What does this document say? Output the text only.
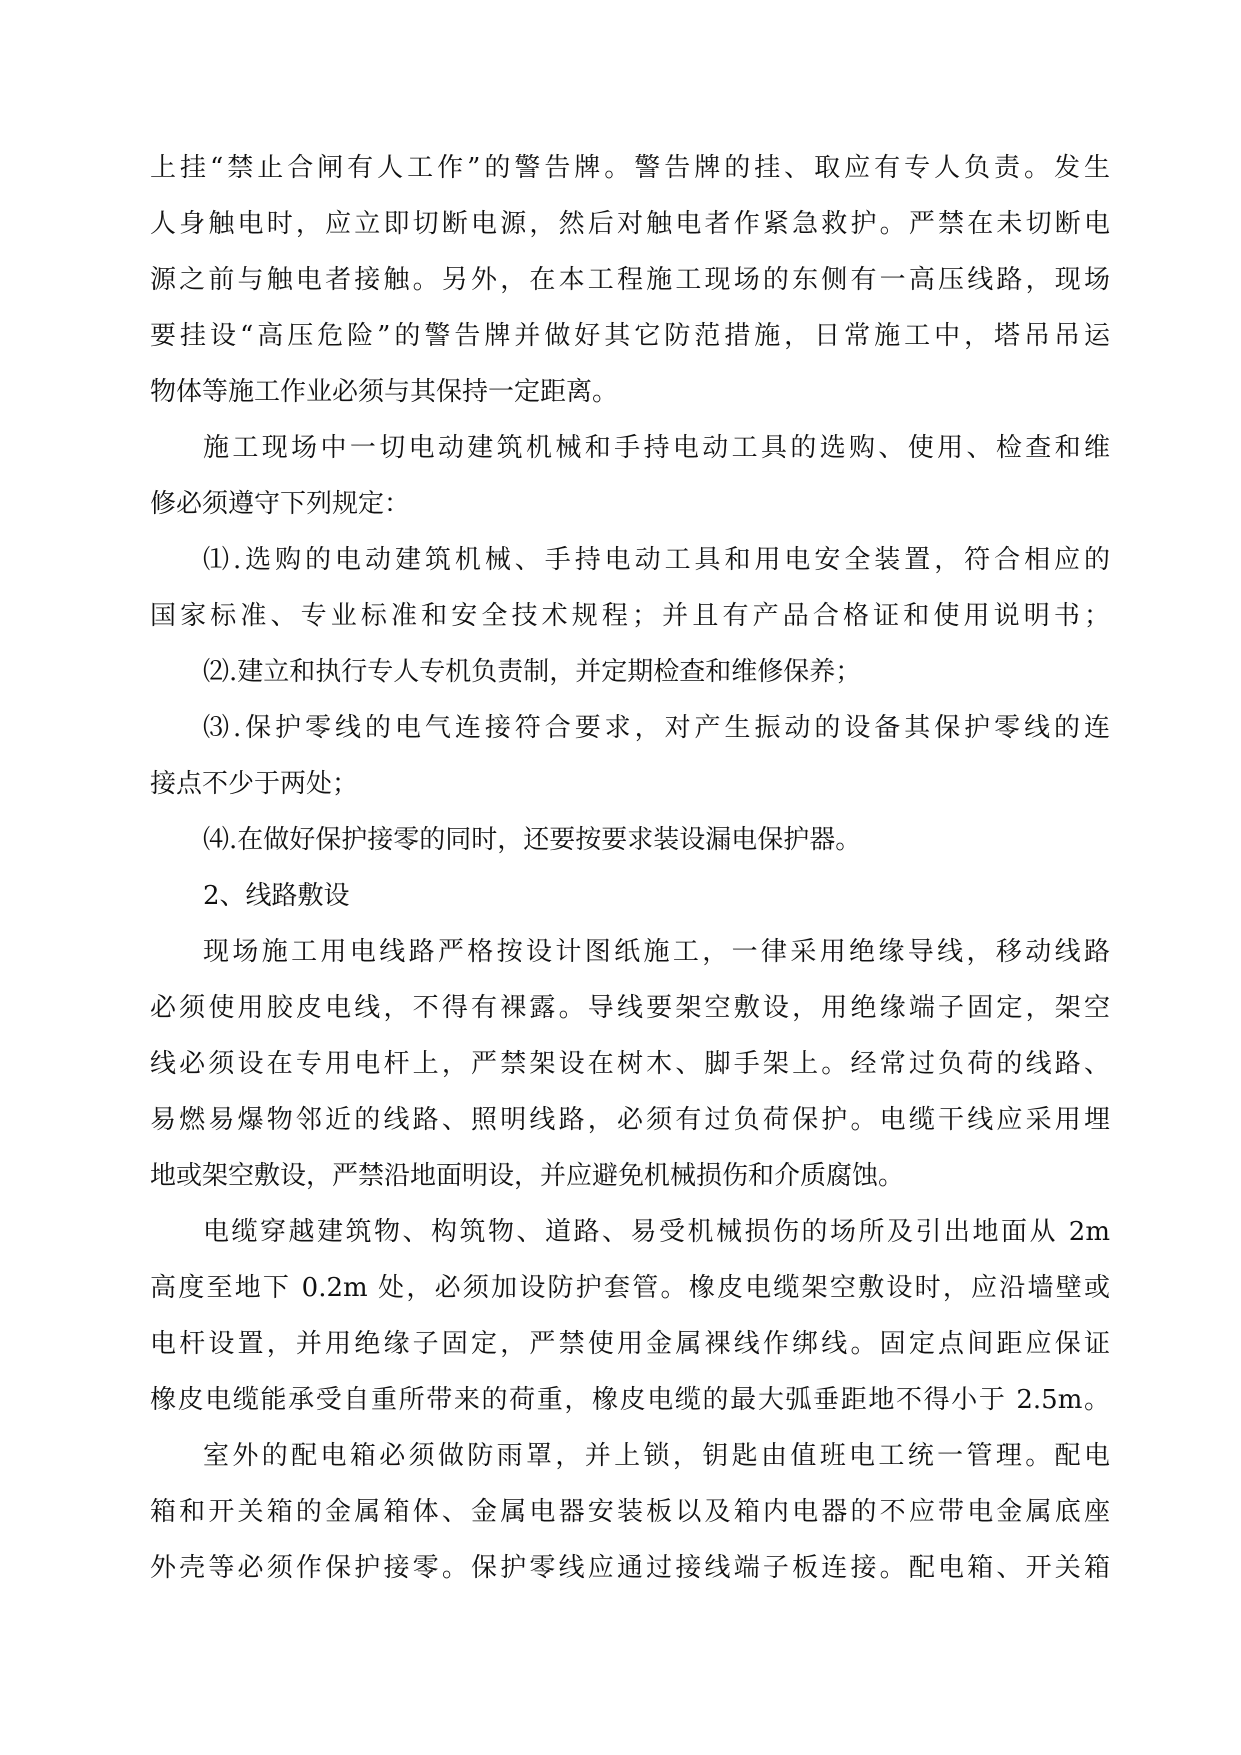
上挂“禁止合闸有人工作”的警告牌。警告牌的挂、取应有专人负责。发生
人身触电时，应立即切断电源，然后对触电者作紧急救护。严禁在未切断电
源之前与触电者接触。另外，在本工程施工现场的东侧有一高压线路，现场
要挂设“高压危险”的警告牌并做好其它防范措施，日常施工中，塔吊吊运
物体等施工作业必须与其保持一定距离。
施工现场中一切电动建筑机械和手持电动工具的选购、使用、检查和维
修必须遵守下列规定：
⑴.选购的电动建筑机械、手持电动工具和用电安全装置，符合相应的
国家标准、专业标准和安全技术规程；并且有产品合格证和使用说明书；
⑵.建立和执行专人专机负责制，并定期检查和维修保养；
⑶.保护零线的电气连接符合要求，对产生振动的设备其保护零线的连
接点不少于两处；
⑷.在做好保护接零的同时，还要按要求装设漏电保护器。
2、线路敷设
现场施工用电线路严格按设计图纸施工，一律采用绝缘导线，移动线路
必须使用胶皮电线，不得有裸露。导线要架空敷设，用绝缘端子固定，架空
线必须设在专用电杆上，严禁架设在树木、脚手架上。经常过负荷的线路、
易燃易爆物邻近的线路、照明线路，必须有过负荷保护。电缆干线应采用埋
地或架空敷设，严禁沿地面明设，并应避免机械损伤和介质腐蚀。
电缆穿越建筑物、构筑物、道路、易受机械损伤的场所及引出地面从 2m
高度至地下 0.2m 处，必须加设防护套管。橡皮电缆架空敷设时，应沿墙壁或
电杆设置，并用绝缘子固定，严禁使用金属裸线作绑线。固定点间距应保证
橡皮电缆能承受自重所带来的荷重，橡皮电缆的最大弧垂距地不得小于 2.5m。
室外的配电箱必须做防雨罩，并上锁，钥匙由值班电工统一管理。配电
箱和开关箱的金属箱体、金属电器安装板以及箱内电器的不应带电金属底座
外壳等必须作保护接零。保护零线应通过接线端子板连接。配电箱、开关箱
